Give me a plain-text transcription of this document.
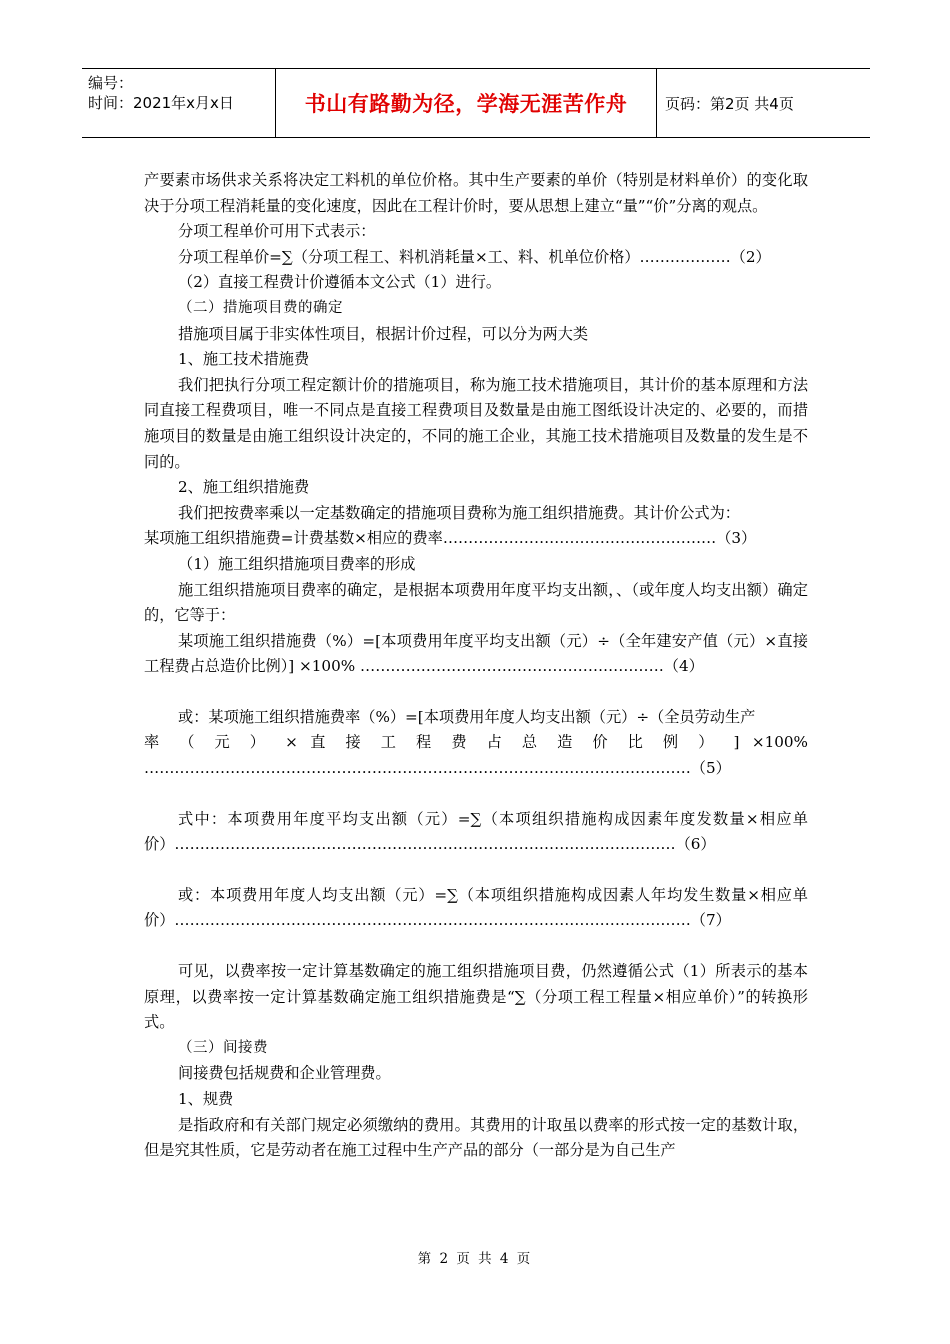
编号：
时间：2021年x月x日	书山有路勤为径，学海无涯苦作舟	页码：第2页 共4页

产要素市场供求关系将决定工料机的单位价格。其中生产要素的单价（特别是材料单价）的变化取决于分项工程消耗量的变化速度，因此在工程计价时，要从思想上建立“量”“价”分离的观点。

分项工程单价可用下式表示：

分项工程单价=∑（分项工程工、料机消耗量×工、料、机单位价格）………………（2）

（2）直接工程费计价遵循本文公式（1）进行。

（二）措施项目费的确定

措施项目属于非实体性项目，根据计价过程，可以分为两大类

1、施工技术措施费

我们把执行分项工程定额计价的措施项目，称为施工技术措施项目，其计价的基本原理和方法同直接工程费项目，唯一不同点是直接工程费项目及数量是由施工图纸设计决定的、必要的，而措施项目的数量是由施工组织设计决定的，不同的施工企业，其施工技术措施项目及数量的发生是不同的。

2、施工组织措施费

我们把按费率乘以一定基数确定的措施项目费称为施工组织措施费。其计价公式为：

某项施工组织措施费=计费基数×相应的费率………………………………………………（3）

（1）施工组织措施项目费率的形成

施工组织措施项目费率的确定，是根据本项费用年度平均支出额，、（或年度人均支出额）确定的，它等于：

某项施工组织措施费（%）=[本项费用年度平均支出额（元）÷（全年建安产值（元）×直接工程费占总造价比例）] ×100% ……………………………………………………（4）

或：某项施工组织措施费率（%）=[本项费用年度人均支出额（元）÷（全员劳动生产

率 （ 元 ） × 直 接 工 程 费 占 总 造 价 比 例 ） ] ×100%

………………………………………………………………………………………………（5）

式中：本项费用年度平均支出额（元）=∑（本项组织措施构成因素年度发数量×相应单价）………………………………………………………………………………………（6）

或：本项费用年度人均支出额（元）=∑（本项组织措施构成因素人年均发生数量×相应单价）…………………………………………………………………………………………（7）

可见，以费率按一定计算基数确定的施工组织措施项目费，仍然遵循公式（1）所表示的基本原理，以费率按一定计算基数确定施工组织措施费是“∑（分项工程工程量×相应单价）”的转换形式。

（三）间接费

间接费包括规费和企业管理费。

1、规费

是指政府和有关部门规定必须缴纳的费用。其费用的计取虽以费率的形式按一定的基数计取，但是究其性质，它是劳动者在施工过程中生产产品的部分（一部分是为自己生产

第 2 页 共 4 页
